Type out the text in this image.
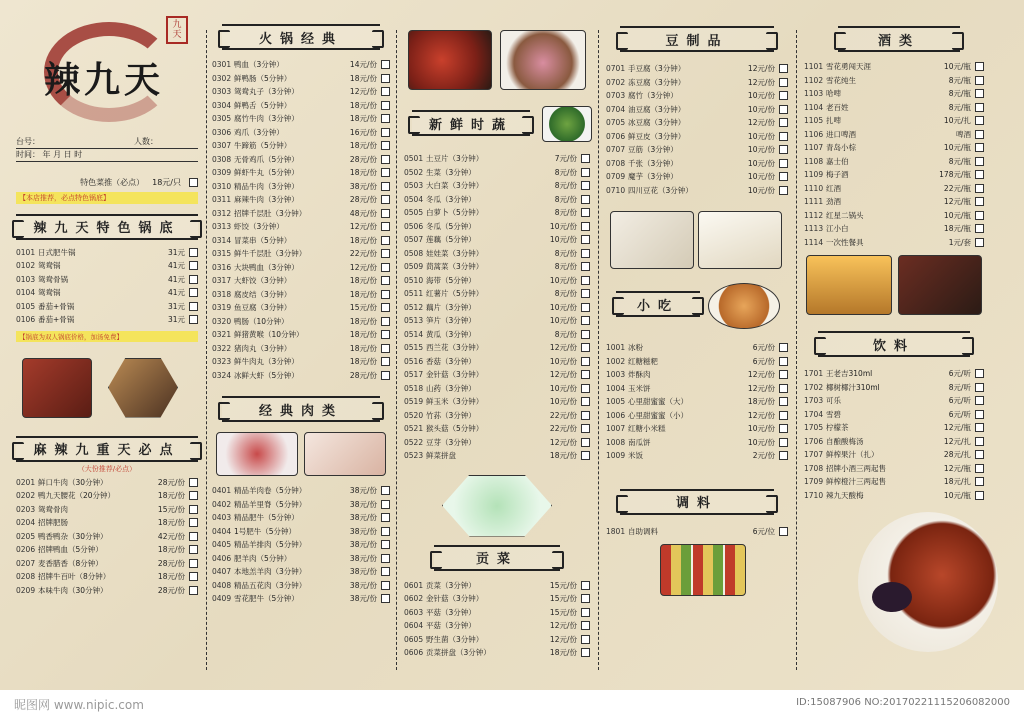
辣九天
九天
台号：	人数：
时间： 年 月 日 时
特色菜推（必点） 18元/只
【本店推荐，必点特色锅底】
辣九天特色锅底
0101 日式肥牛锅	31元
0102 鸳鸯锅	41元
0103 鸳鸯骨锅	41元
0104 鸳鸯锅	41元
0105 番茄+骨锅	31元
0106 番茄+骨锅	31元
【锅底为双人锅底价格，加汤免费】
麻辣九重天必点
（大份推荐/必点）
0201 鲜口牛肉（30分钟）	28元/份
0202 鸭九天腰花（20分钟）	18元/份
0203 鸳鸯骨肉	15元/份
0204 招牌肥肠	18元/份
0205 鸭香鸭杂（30分钟）	42元/份
0206 招牌鸭血（5分钟）	18元/份
0207 麦香腊香（8分钟）	28元/份
0208 招牌牛百叶（8分钟）	18元/份
0209 本味牛肉（30分钟）	28元/份
火锅经典
0301 鸭血（3分钟）	14元/份
0302 鲜鸭肠（5分钟）	18元/份
0303 鸳鸯丸子（3分钟）	12元/份
0304 鲜鸭舌（5分钟）	18元/份
0305 腐竹牛肉（3分钟）	18元/份
0306 鸡爪（3分钟）	16元/份
0307 牛蹄筋（5分钟）	18元/份
0308 无骨鸡爪（5分钟）	28元/份
0309 鲜虾牛丸（5分钟）	18元/份
0310 精品牛肉（3分钟）	38元/份
0311 麻辣牛肉（3分钟）	28元/份
0312 招牌千层肚（3分钟）	48元/份
0313 虾饺（3分钟）	12元/份
0314 冒菜串（5分钟）	18元/份
0315 鲜牛千层肚（3分钟）	22元/份
0316 大块鸭血（3分钟）	12元/份
0317 大虾饺（3分钟）	18元/份
0318 腐皮结（3分钟）	18元/份
0319 鱼豆腐（3分钟）	15元/份
0320 鸭肠（10分钟）	18元/份
0321 鲜猪黄喉（10分钟）	18元/份
0322 猪肉丸（3分钟）	18元/份
0323 鲜牛肉丸（3分钟）	18元/份
0324 冰鲜大虾（5分钟）	28元/份
经典肉类
0401 精品羊肉卷（5分钟）	38元/份
0402 精品羊里脊（5分钟）	38元/份
0403 精品肥牛（5分钟）	38元/份
0404 1号肥牛（5分钟）	38元/份
0405 精品羊排肉（5分钟）	38元/份
0406 肥羊肉（5分钟）	38元/份
0407 本地羔羊肉（3分钟）	38元/份
0408 精品五花肉（3分钟）	38元/份
0409 雪花肥牛（5分钟）	38元/份
新鲜时蔬
0501 土豆片（3分钟）	7元/份
0502 生菜（3分钟）	8元/份
0503 大白菜（3分钟）	8元/份
0504 冬瓜（3分钟）	8元/份
0505 白萝卜（5分钟）	8元/份
0506 冬瓜（5分钟）	10元/份
0507 莲藕（5分钟）	10元/份
0508 娃娃菜（3分钟）	8元/份
0509 茼蒿菜（3分钟）	8元/份
0510 海带（5分钟）	10元/份
0511 红薯片（5分钟）	8元/份
0512 藕片（3分钟）	10元/份
0513 笋片（3分钟）	10元/份
0514 黄瓜（3分钟）	8元/份
0515 西兰花（3分钟）	12元/份
0516 香菇（3分钟）	10元/份
0517 金针菇（3分钟）	12元/份
0518 山药（3分钟）	10元/份
0519 鲜玉米（3分钟）	10元/份
0520 竹荪（3分钟）	22元/份
0521 猴头菇（5分钟）	22元/份
0522 豆芽（3分钟）	12元/份
0523 鲜菜拼盘	18元/份
贡菜
0601 贡菜（3分钟）	15元/份
0602 金针菇（3分钟）	15元/份
0603 平菇（3分钟）	15元/份
0604 平菇（3分钟）	12元/份
0605 野生菌（3分钟）	12元/份
0606 贡菜拼盘（3分钟）	18元/份
豆制品
0701 手豆腐（3分钟）	12元/份
0702 冻豆腐（3分钟）	12元/份
0703 腐竹（3分钟）	10元/份
0704 油豆腐（3分钟）	10元/份
0705 冰豆腐（3分钟）	12元/份
0706 鲜豆皮（3分钟）	10元/份
0707 豆筋（3分钟）	10元/份
0708 千张（3分钟）	10元/份
0709 魔芋（3分钟）	10元/份
0710 四川豆花（3分钟）	10元/份
小吃
1001 冰粉	6元/份
1002 红糖糍粑	6元/份
1003 炸酥肉	12元/份
1004 玉米饼	12元/份
1005 心里甜蜜蜜（大）	18元/份
1006 心里甜蜜蜜（小）	12元/份
1007 红糖小米糕	10元/份
1008 南瓜饼	10元/份
1009 米饭	2元/份
调料
1801 自助调料	6元/位
酒类
1101 雪花勇闯天涯	10元/瓶
1102 雪花纯生	8元/瓶
1103 哈啤	8元/瓶
1104 老百姓	8元/瓶
1105 扎啤	10元/扎
1106 进口啤酒	啤酒
1107 青岛小棕	10元/瓶
1108 嘉士伯	8元/瓶
1109 梅子酒	178元/瓶
1110 红酒	22元/瓶
1111 劲酒	12元/瓶
1112 红星二锅头	10元/瓶
1113 江小白	18元/瓶
1114 一次性餐具	1元/套
饮料
1701 王老吉310ml	6元/听
1702 椰树椰汁310ml	8元/听
1703 可乐	6元/听
1704 雪碧	6元/听
1705 柠檬茶	12元/瓶
1706 自酿酸梅汤	12元/扎
1707 鲜榨果汁（扎）	28元/扎
1708 招牌小酒三两起售	12元/瓶
1709 鲜榨橙汁三两起售	18元/扎
1710 辣九天酸梅	10元/瓶
昵图网 www.nipic.com	ID:15087906 NO:20170221115206082000
